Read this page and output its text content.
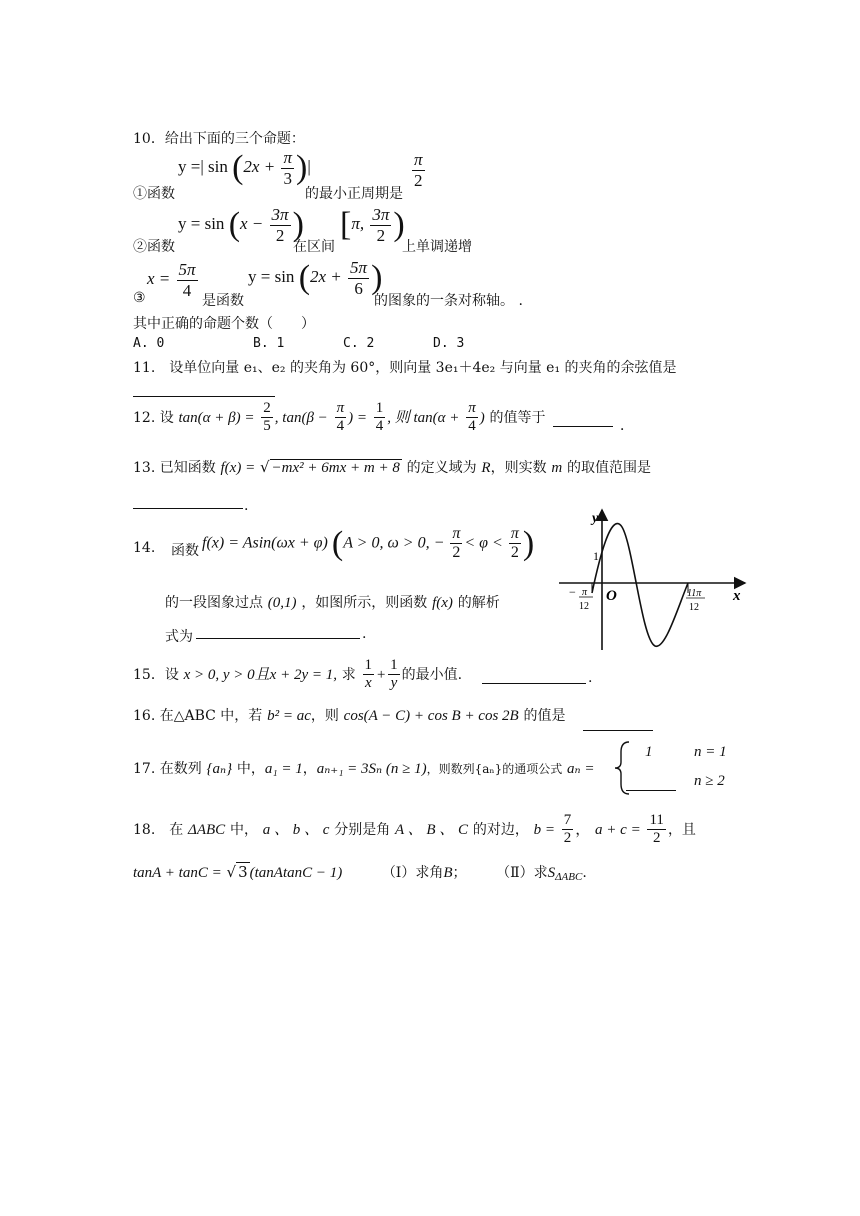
10．给出下面的三个命题：
y =| $\sin (2x + \frac{\pi}{3}$ )|
①函数	的最小正周期是
$\frac{\pi}{2}$
$y = \sin (x - \frac{3\pi}{2}$ )
②函数	在区间
[π, $\frac{3\pi}{2}$ )
上单调递增
$x = \frac{5\pi}{4}$	$y = \sin (2x + \frac{5\pi}{6}$ )
③	是函数	的图象的一条对称轴。 .
其中正确的命题个数（　　）
A. 0	B. 1	C. 2	D. 3
11.　设单位向量 e₁、e₂ 的夹角为 60°，则向量 3e₁＋4e₂ 与向量 e₁ 的夹角的余弦值是
12. 设 $\tan(\alpha + \beta) = \frac{2}{5}$ , $\tan(\beta - \frac{\pi}{4}$ ) = $\frac{1}{4}$ , 则 $\tan(\alpha + \frac{\pi}{4}$ ) 的值等于
．
13. 已知函数 f(x) = √ −mx² + 6mx + m + 8 的定义域为 R，则实数 m 的取值范围是
.
14. 函数 f(x) = Asin(ωx + φ) (A > 0, ω > 0, − $\frac{\pi}{2} < \varphi < \frac{\pi}{2}$ )
的一段图象过点 (0,1) ，如图所示，则函数 f(x) 的解析
式为	.
y
x
O
1
− π
12
11π
12
15．设 x > 0, y > 0且x + 2y = 1, 求 $\frac{1}{x} + \frac{1}{y}$ 的最小值.	.
16. 在△ABC 中，若 b² = ac，则 cos(A − C) + cos B + cos 2B 的值是
17. 在数列 {aₙ} 中，a₁ = 1，aₙ₊₁ = 3Sₙ (n ≥ 1)，则数列{aₙ}的通项公式 aₙ =
1	n = 1
n ≥ 2
18.　在 ΔABC 中， a 、 b 、 c 分别是角 A 、 B 、 C 的对边， $b = \frac{7}{2}$ ， $a + c = \frac{11}{2}$ ，且
tanA + tanC = √ 3 (tanAtanC − 1)	（Ⅰ）求角B； （Ⅱ）求$S_{\Delta ABC}$.
